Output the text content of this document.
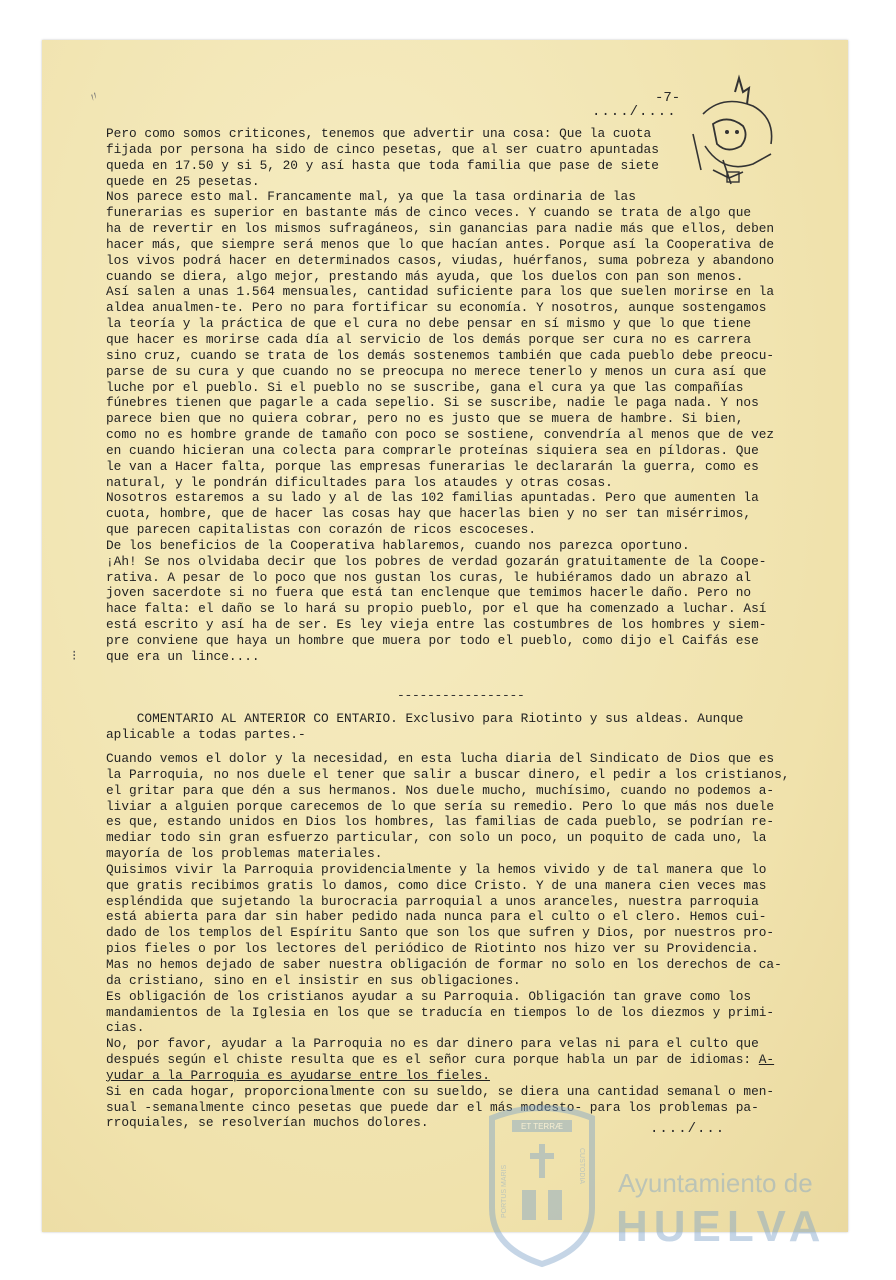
〃	-7-
..../....
Pero como somos criticones, tenemos que advertir una cosa: Que la cuota
fijada por persona ha sido de cinco pesetas, que al ser cuatro apuntadas
queda en 17.50 y si 5, 20 y así hasta que toda familia que pase de siete
quede en 25 pesetas.
Nos parece esto mal. Francamente mal, ya que la tasa ordinaria de las
funerarias es superior en bastante más de cinco veces. Y cuando se trata de algo que
ha de revertir en los mismos sufragáneos, sin ganancias para nadie más que ellos, deben
hacer más, que siempre será menos que lo que hacían antes. Porque así la Cooperativa de
los vivos podrá hacer en determinados casos, viudas, huérfanos, suma pobreza y abandono
cuando se diera, algo mejor, prestando más ayuda, que los duelos con pan son menos.
Así salen a unas 1.564 mensuales, cantidad suficiente para los que suelen morirse en la
aldea anualmen-te. Pero no para fortificar su economía. Y nosotros, aunque sostengamos
la teoría y la práctica de que el cura no debe pensar en sí mismo y que lo que tiene
que hacer es morirse cada día al servicio de los demás porque ser cura no es carrera
sino cruz, cuando se trata de los demás sostenemos también que cada pueblo debe preocu-
parse de su cura y que cuando no se preocupa no merece tenerlo y menos un cura así que
luche por el pueblo. Si el pueblo no se suscribe, gana el cura ya que las compañías
fúnebres tienen que pagarle a cada sepelio. Si se suscribe, nadie le paga nada. Y nos
parece bien que no quiera cobrar, pero no es justo que se muera de hambre. Si bien,
como no es hombre grande de tamaño con poco se sostiene, convendría al menos que de vez
en cuando hicieran una colecta para comprarle proteínas siquiera sea en píldoras. Que
le van a Hacer falta, porque las empresas funerarias le declararán la guerra, como es
natural, y le pondrán dificultades para los ataudes y otras cosas.
Nosotros estaremos a su lado y al de las 102 familias apuntadas. Pero que aumenten la
cuota, hombre, que de hacer las cosas hay que hacerlas bien y no ser tan misérrimos,
que parecen capitalistas con corazón de ricos escoceses.
De los beneficios de la Cooperativa hablaremos, cuando nos parezca oportuno.
¡Ah! Se nos olvidaba decir que los pobres de verdad gozarán gratuitamente de la Coope-
rativa. A pesar de lo poco que nos gustan los curas, le hubiéramos dado un abrazo al
joven sacerdote si no fuera que está tan enclenque que temimos hacerle daño. Pero no
hace falta: el daño se lo hará su propio pueblo, por el que ha comenzado a luchar. Así
está escrito y así ha de ser. Es ley vieja entre las costumbres de los hombres y siem-
pre conviene que haya un hombre que muera por todo el pueblo, como dijo el Caifás ese
que era un lince....
⁝
-----------------
COMENTARIO AL ANTERIOR CO ENTARIO. Exclusivo para Riotinto y sus aldeas. Aunque
aplicable a todas partes.-
Cuando vemos el dolor y la necesidad, en esta lucha diaria del Sindicato de Dios que es
la Parroquia, no nos duele el tener que salir a buscar dinero, el pedir a los cristianos,
el gritar para que dén a sus hermanos. Nos duele mucho, muchísimo, cuando no podemos a-
liviar a alguien porque carecemos de lo que sería su remedio. Pero lo que más nos duele
es que, estando unidos en Dios los hombres, las familias de cada pueblo, se podrían re-
mediar todo sin gran esfuerzo particular, con solo un poco, un poquito de cada uno, la
mayoría de los problemas materiales.
Quisimos vivir la Parroquia providencialmente y la hemos vivido y de tal manera que lo
que gratis recibimos gratis lo damos, como dice Cristo. Y de una manera cien veces mas
espléndida que sujetando la burocracia parroquial a unos aranceles, nuestra parroquia
está abierta para dar sin haber pedido nada nunca para el culto o el clero. Hemos cui-
dado de los templos del Espíritu Santo que son los que sufren y Dios, por nuestros pro-
pios fieles o por los lectores del periódico de Riotinto nos hizo ver su Providencia.
Mas no hemos dejado de saber nuestra obligación de formar no solo en los derechos de ca-
da cristiano, sino en el insistir en sus obligaciones.
Es obligación de los cristianos ayudar a su Parroquia. Obligación tan grave como los
mandamientos de la Iglesia en los que se traducía en tiempos lo de los diezmos y primi-
cias.
No, por favor, ayudar a la Parroquia no es dar dinero para velas ni para el culto que
después según el chiste resulta que es el señor cura porque habla un par de idiomas: A-
yudar a la Parroquia es ayudarse entre los fieles.
Si en cada hogar, proporcionalmente con su sueldo, se diera una cantidad semanal o men-
sual -semanalmente cinco pesetas que puede dar el más modesto- para los problemas pa-
rroquiales, se resolverían muchos dolores.	..../...
ET TERRÆ
PORTUS MARIS	CUSTODIA Ayuntamiento de
HUELVA
